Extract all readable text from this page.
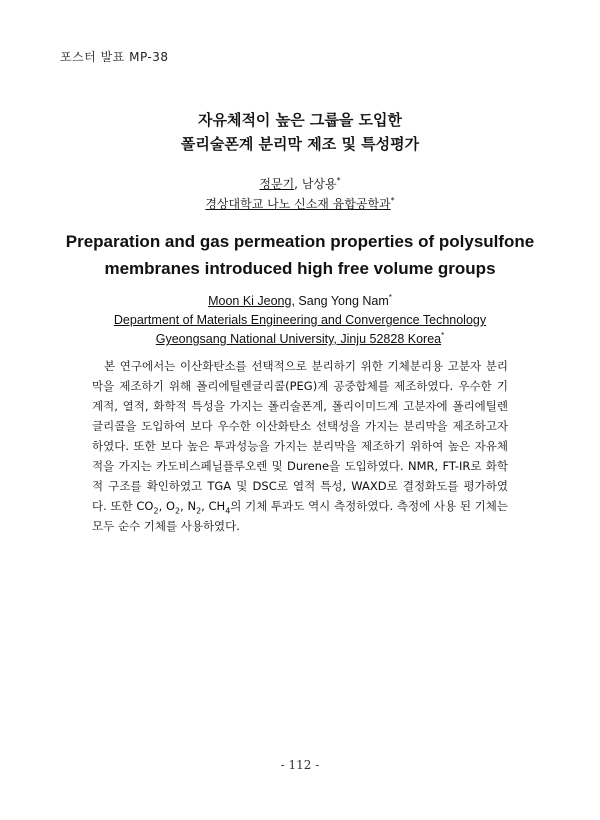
포스터 발표 MP-38
자유체적이 높은 그룹을 도입한
폴리술폰계 분리막 제조 및 특성평가
정문기, 남상용*
경상대학교 나노 신소재 융합공학과*
Preparation and gas permeation properties of polysulfone
membranes introduced high free volume groups
Moon Ki Jeong, Sang Yong Nam*
Department of Materials Engineering and Convergence Technology
Gyeongsang National University, Jinju 52828 Korea*
본 연구에서는 이산화탄소를 선택적으로 분리하기 위한 기체분리용 고분자 분리막을 제조하기 위해 폴리에틸렌글리콜(PEG)계 공중합체를 제조하였다. 우수한 기계적, 열적, 화학적 특성을 가지는 폴리술폰계, 폴리이미드계 고분자에 폴리에틸렌글리콜을 도입하여 보다 우수한 이산화탄소 선택성을 가지는 분리막을 제조하고자 하였다. 또한 보다 높은 투과성능을 가지는 분리막을 제조하기 위하여 높은 자유체적을 가지는 카도비스페닐플루오렌 및 Durene을 도입하였다. NMR, FT-IR로 화학적 구조를 확인하였고 TGA 및 DSC로 열적 특성, WAXD로 결정화도를 평가하였다. 또한 $CO_2$, $O_2$, $N_2$, $CH_4$의 기체 투과도 역시 측정하였다. 측정에 사용 된 기체는 모두 순수 기체를 사용하였다.
- 112 -
